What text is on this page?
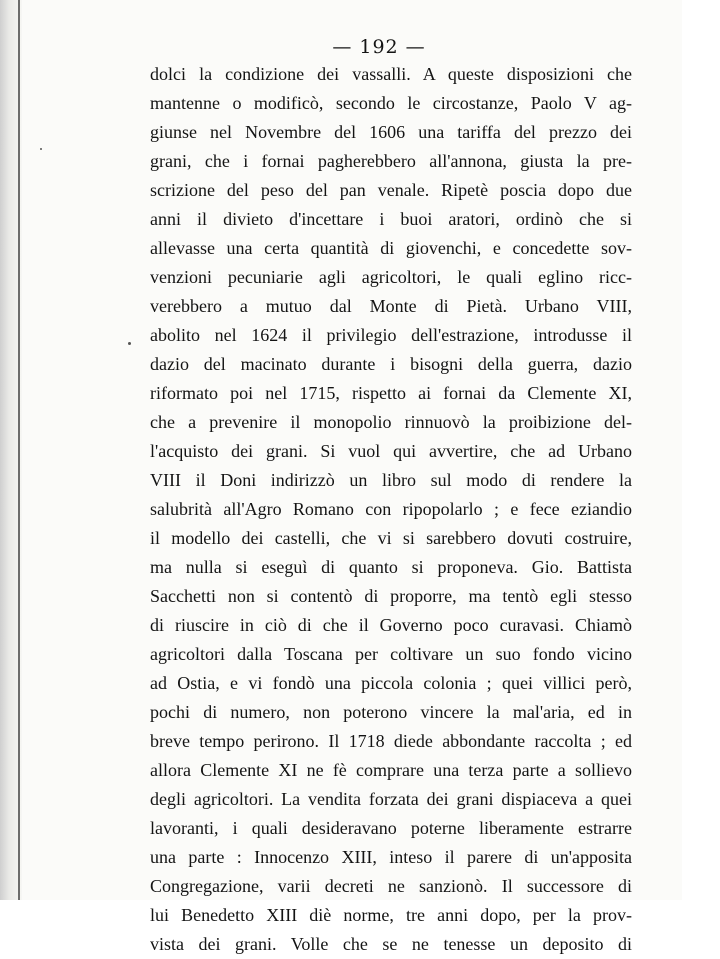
— 192 —
dolci la condizione dei vassalli. A queste disposizioni che
mantenne o modificò, secondo le circostanze, Paolo V ag-
giunse nel Novembre del 1606 una tariffa del prezzo dei
grani, che i fornai pagherebbero all'annona, giusta la pre-
scrizione del peso del pan venale. Ripetè poscia dopo due
anni il divieto d'incettare i buoi aratori, ordinò che si
allevasse una certa quantità di giovenchi, e concedette sov-
venzioni pecuniarie agli agricoltori, le quali eglino ricc-
verebbero a mutuo dal Monte di Pietà. Urbano VIII,
abolito nel 1624 il privilegio dell'estrazione, introdusse il
dazio del macinato durante i bisogni della guerra, dazio
riformato poi nel 1715, rispetto ai fornai da Clemente XI,
che a prevenire il monopolio rinnuovò la proibizione del-
l'acquisto dei grani. Si vuol qui avvertire, che ad Urbano
VIII il Doni indirizzò un libro sul modo di rendere la
salubrità all'Agro Romano con ripopolarlo ; e fece eziandio
il modello dei castelli, che vi si sarebbero dovuti costruire,
ma nulla si eseguì di quanto si proponeva. Gio. Battista
Sacchetti non si contentò di proporre, ma tentò egli stesso
di riuscire in ciò di che il Governo poco curavasi. Chiamò
agricoltori dalla Toscana per coltivare un suo fondo vicino
ad Ostia, e vi fondò una piccola colonia ; quei villici però,
pochi di numero, non poterono vincere la mal'aria, ed in
breve tempo perirono. Il 1718 diede abbondante raccolta ; ed
allora Clemente XI ne fè comprare una terza parte a sollievo
degli agricoltori. La vendita forzata dei grani dispiaceva a quei
lavoranti, i quali desideravano poterne liberamente estrarre
una parte : Innocenzo XIII, inteso il parere di un'apposita
Congregazione, varii decreti ne sanzionò. Il successore di
lui Benedetto XIII diè norme, tre anni dopo, per la prov-
vista dei grani. Volle che se ne tenesse un deposito di
